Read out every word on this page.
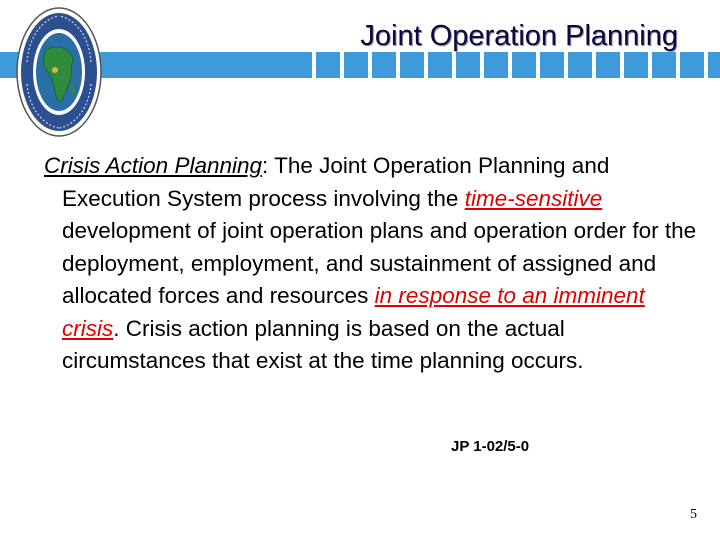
Joint Operation Planning

Crisis Action Planning: The Joint Operation Planning and Execution System process involving the time-sensitive development of joint operation plans and operation order for the deployment, employment, and sustainment of assigned and allocated forces and resources in response to an imminent crisis. Crisis action planning is based on the actual circumstances that exist at the time planning occurs.

JP 1-02/5-0
5
